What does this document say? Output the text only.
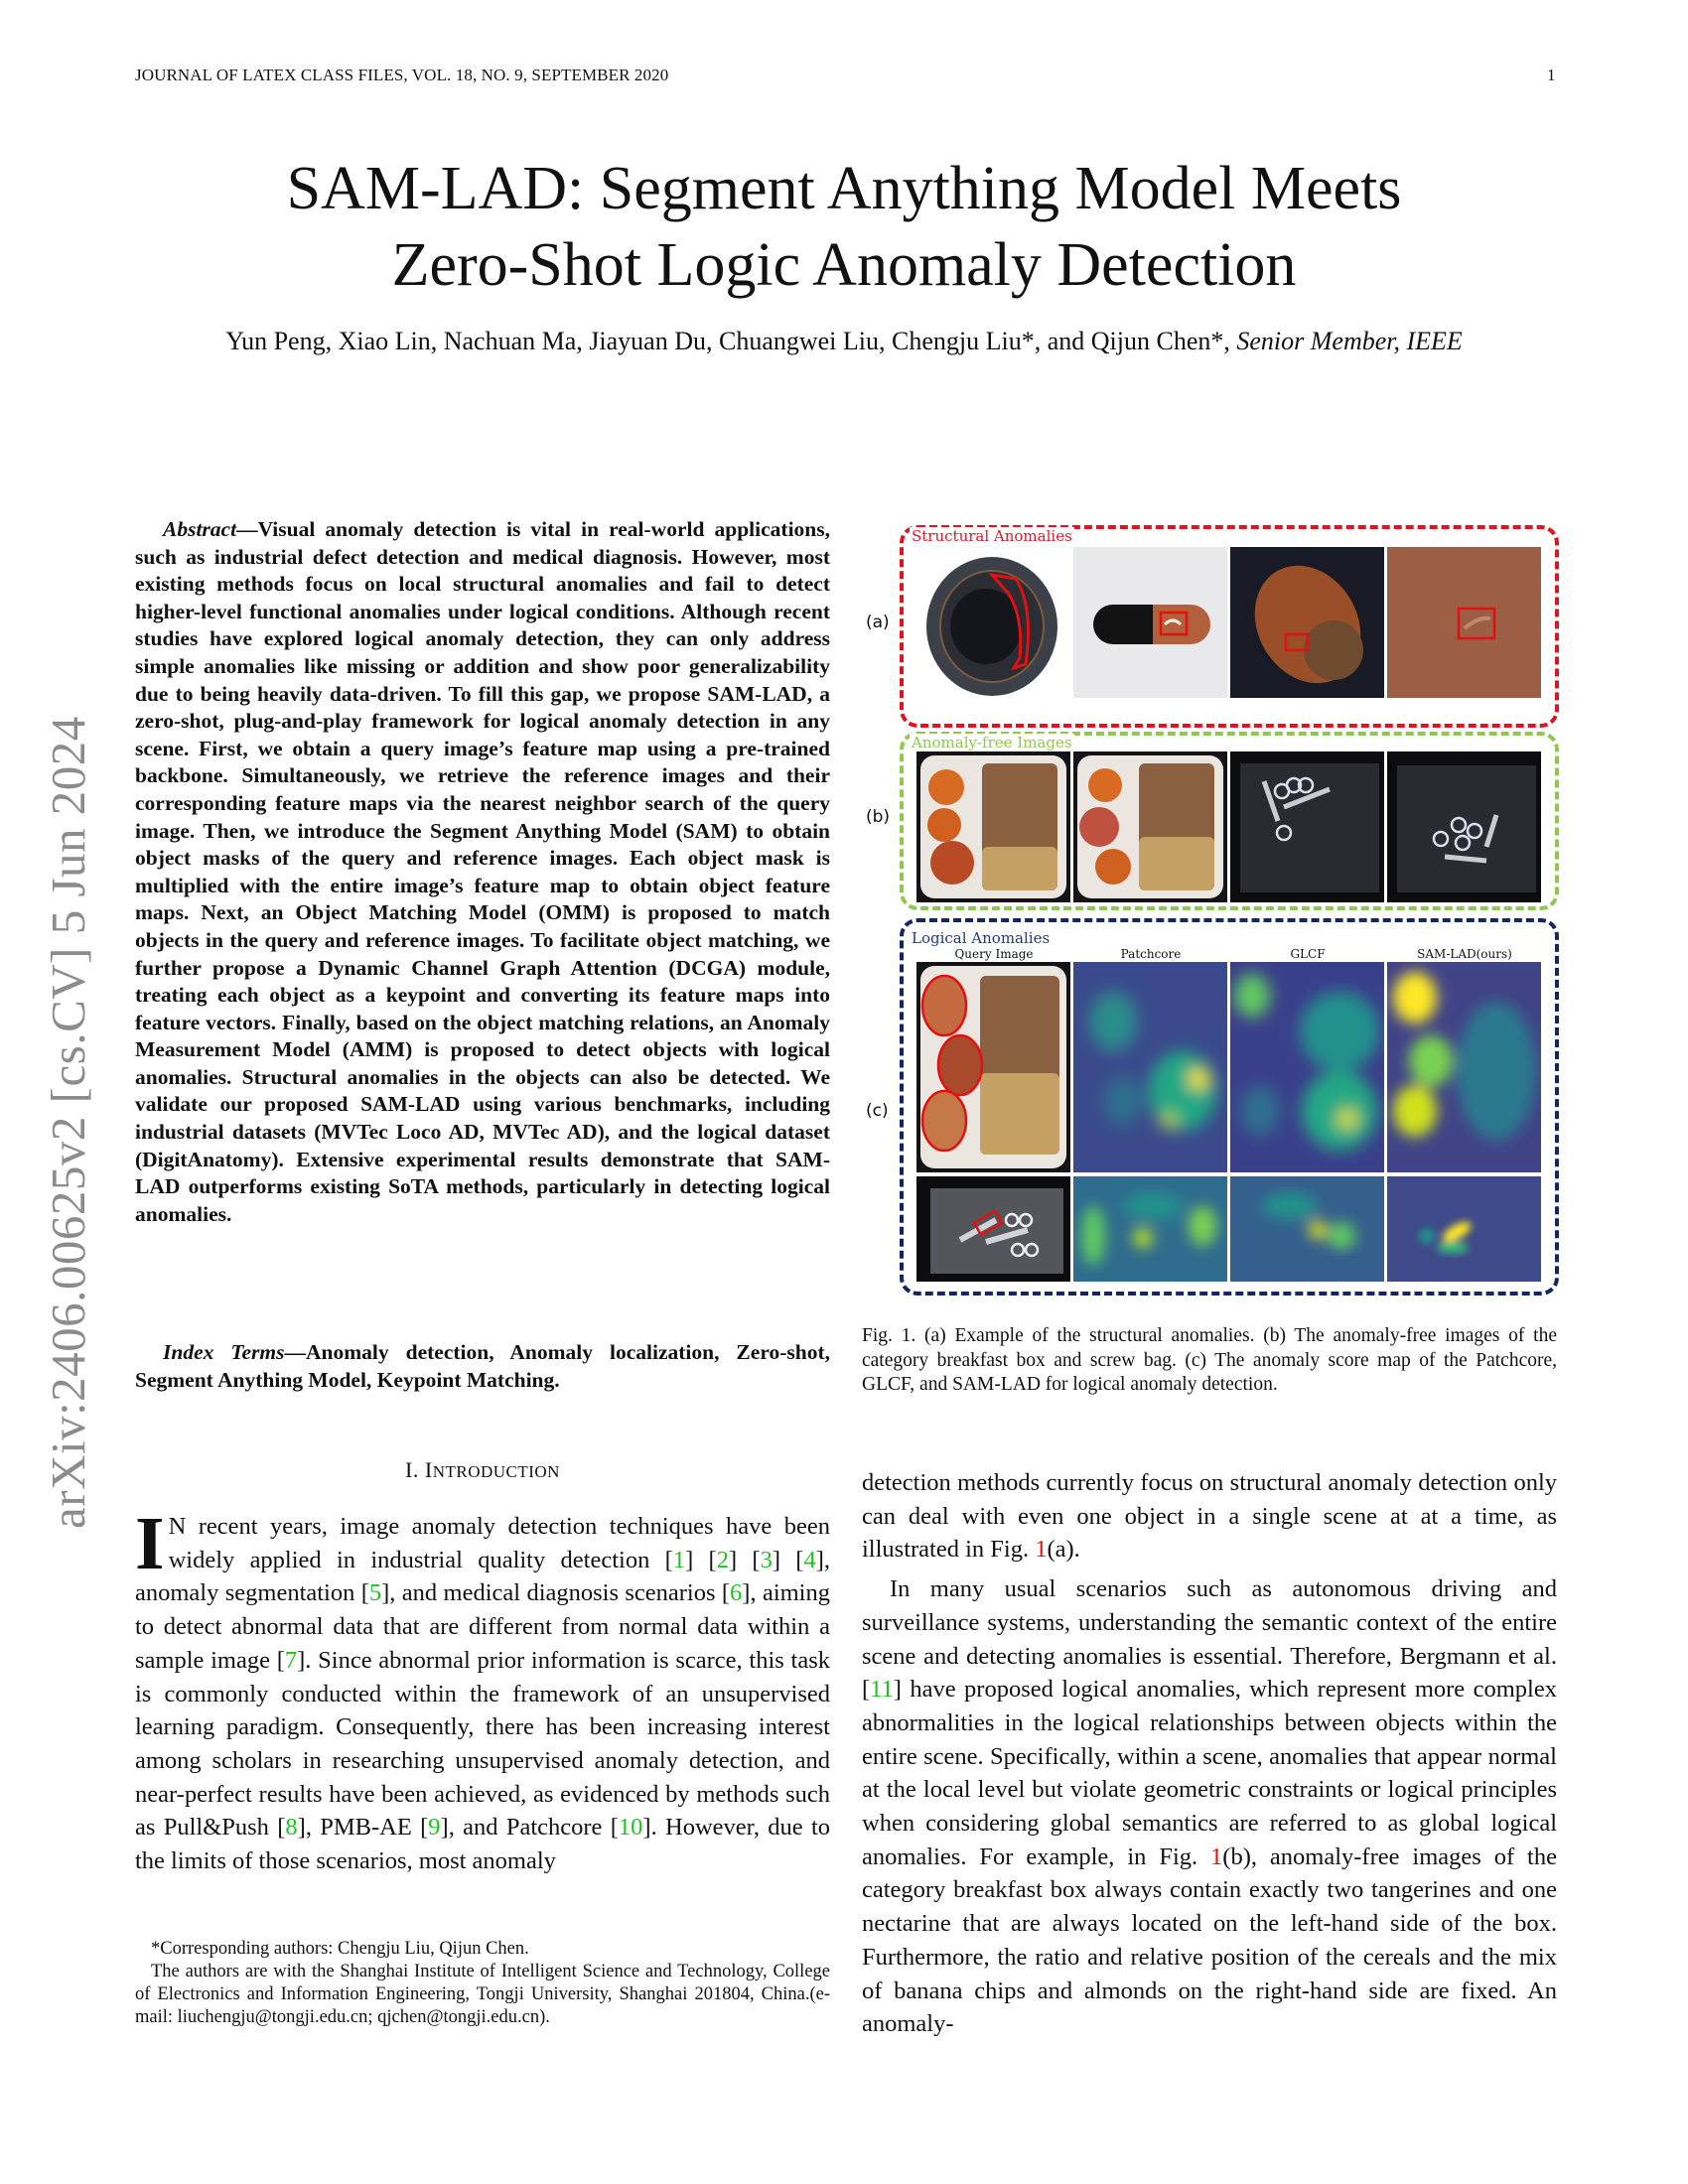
JOURNAL OF LATEX CLASS FILES, VOL. 18, NO. 9, SEPTEMBER 2020	1
SAM-LAD: Segment Anything Model Meets
Zero-Shot Logic Anomaly Detection
Yun Peng, Xiao Lin, Nachuan Ma, Jiayuan Du, Chuangwei Liu, Chengju Liu*, and Qijun Chen*, Senior Member, IEEE
arXiv:2406.00625v2 [cs.CV] 5 Jun 2024
Abstract—Visual anomaly detection is vital in real-world applications, such as industrial defect detection and medical diagnosis. However, most existing methods focus on local structural anomalies and fail to detect higher-level functional anomalies under logical conditions. Although recent studies have explored logical anomaly detection, they can only address simple anomalies like missing or addition and show poor generalizability due to being heavily data-driven. To fill this gap, we propose SAM-LAD, a zero-shot, plug-and-play framework for logical anomaly detection in any scene. First, we obtain a query image’s feature map using a pre-trained backbone. Simultaneously, we retrieve the reference images and their corresponding feature maps via the nearest neighbor search of the query image. Then, we introduce the Segment Anything Model (SAM) to obtain object masks of the query and reference images. Each object mask is multiplied with the entire image’s feature map to obtain object feature maps. Next, an Object Matching Model (OMM) is proposed to match objects in the query and reference images. To facilitate object matching, we further propose a Dynamic Channel Graph Attention (DCGA) module, treating each object as a keypoint and converting its feature maps into feature vectors. Finally, based on the object matching relations, an Anomaly Measurement Model (AMM) is proposed to detect objects with logical anomalies. Structural anomalies in the objects can also be detected. We validate our proposed SAM-LAD using various benchmarks, including industrial datasets (MVTec Loco AD, MVTec AD), and the logical dataset (DigitAnatomy). Extensive experimental results demonstrate that SAM-LAD outperforms existing SoTA methods, particularly in detecting logical anomalies.
Index Terms—Anomaly detection, Anomaly localization, Zero-shot, Segment Anything Model, Keypoint Matching.
I. INTRODUCTION
I N recent years, image anomaly detection techniques have been widely applied in industrial quality detection [1] [2] [3] [4], anomaly segmentation [5], and medical diagnosis scenarios [6], aiming to detect abnormal data that are different from normal data within a sample image [7]. Since abnormal prior information is scarce, this task is commonly conducted within the framework of an unsupervised learning paradigm. Consequently, there has been increasing interest among scholars in researching unsupervised anomaly detection, and near-perfect results have been achieved, as evidenced by methods such as Pull&Push [8], PMB-AE [9], and Patchcore [10]. However, due to the limits of those scenarios, most anomaly

*Corresponding authors: Chengju Liu, Qijun Chen.

The authors are with the Shanghai Institute of Intelligent Science and Technology, College of Electronics and Information Engineering, Tongji University, Shanghai 201804, China.(e-mail: liuchengju@tongji.edu.cn; qjchen@tongji.edu.cn).

Structural Anomalies
(a)
Anomaly-free Images
(b)
Logical Anomalies
(c)
Query Image	Patchcore	GLCF	SAM-LAD(ours)
Fig. 1. (a) Example of the structural anomalies. (b) The anomaly-free images of the category breakfast box and screw bag. (c) The anomaly score map of the Patchcore, GLCF, and SAM-LAD for logical anomaly detection.

detection methods currently focus on structural anomaly detection only can deal with even one object in a single scene at at a time, as illustrated in Fig. 1(a).

In many usual scenarios such as autonomous driving and surveillance systems, understanding the semantic context of the entire scene and detecting anomalies is essential. Therefore, Bergmann et al. [11] have proposed logical anomalies, which represent more complex abnormalities in the logical relationships between objects within the entire scene. Specifically, within a scene, anomalies that appear normal at the local level but violate geometric constraints or logical principles when considering global semantics are referred to as global logical anomalies. For example, in Fig. 1(b), anomaly-free images of the category breakfast box always contain exactly two tangerines and one nectarine that are always located on the left-hand side of the box. Furthermore, the ratio and relative position of the cereals and the mix of banana chips and almonds on the right-hand side are fixed. An anomaly-
